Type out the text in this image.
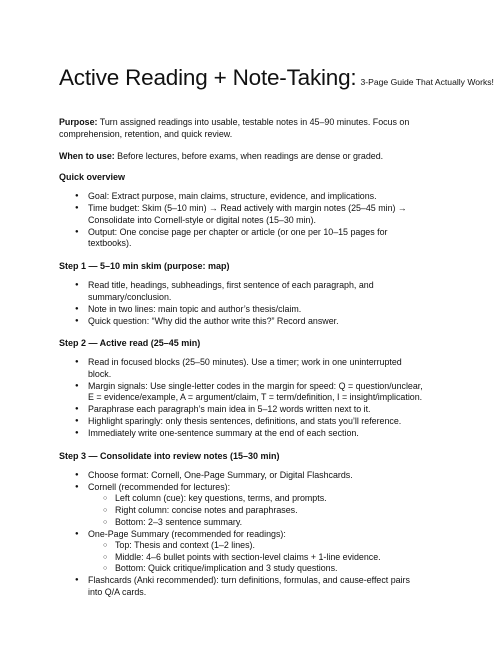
Active Reading + Note-Taking: 3-Page Guide That Actually Works!

Purpose: Turn assigned readings into usable, testable notes in 45–90 minutes. Focus on comprehension, retention, and quick review.

When to use: Before lectures, before exams, when readings are dense or graded.

Quick overview
● Goal: Extract purpose, main claims, structure, evidence, and implications.
● Time budget: Skim (5–10 min) → Read actively with margin notes (25–45 min) → Consolidate into Cornell-style or digital notes (15–30 min).
● Output: One concise page per chapter or article (or one per 10–15 pages for textbooks).
Step 1 — 5–10 min skim (purpose: map)
● Read title, headings, subheadings, first sentence of each paragraph, and summary/conclusion.
● Note in two lines: main topic and author’s thesis/claim.
● Quick question: “Why did the author write this?” Record answer.
Step 2 — Active read (25–45 min)
● Read in focused blocks (25–50 minutes). Use a timer; work in one uninterrupted block.
● Margin signals: Use single-letter codes in the margin for speed: Q = question/unclear, E = evidence/example, A = argument/claim, T = term/definition, I = insight/implication.
● Paraphrase each paragraph’s main idea in 5–12 words written next to it.
● Highlight sparingly: only thesis sentences, definitions, and stats you’ll reference.
● Immediately write one-sentence summary at the end of each section.
Step 3 — Consolidate into review notes (15–30 min)
● Choose format: Cornell, One-Page Summary, or Digital Flashcards.
● Cornell (recommended for lectures):
○ Left column (cue): key questions, terms, and prompts.
○ Right column: concise notes and paraphrases.
○ Bottom: 2–3 sentence summary.
● One-Page Summary (recommended for readings):
○ Top: Thesis and context (1–2 lines).
○ Middle: 4–6 bullet points with section-level claims + 1-line evidence.
○ Bottom: Quick critique/implication and 3 study questions.
● Flashcards (Anki recommended): turn definitions, formulas, and cause-effect pairs into Q/A cards.
